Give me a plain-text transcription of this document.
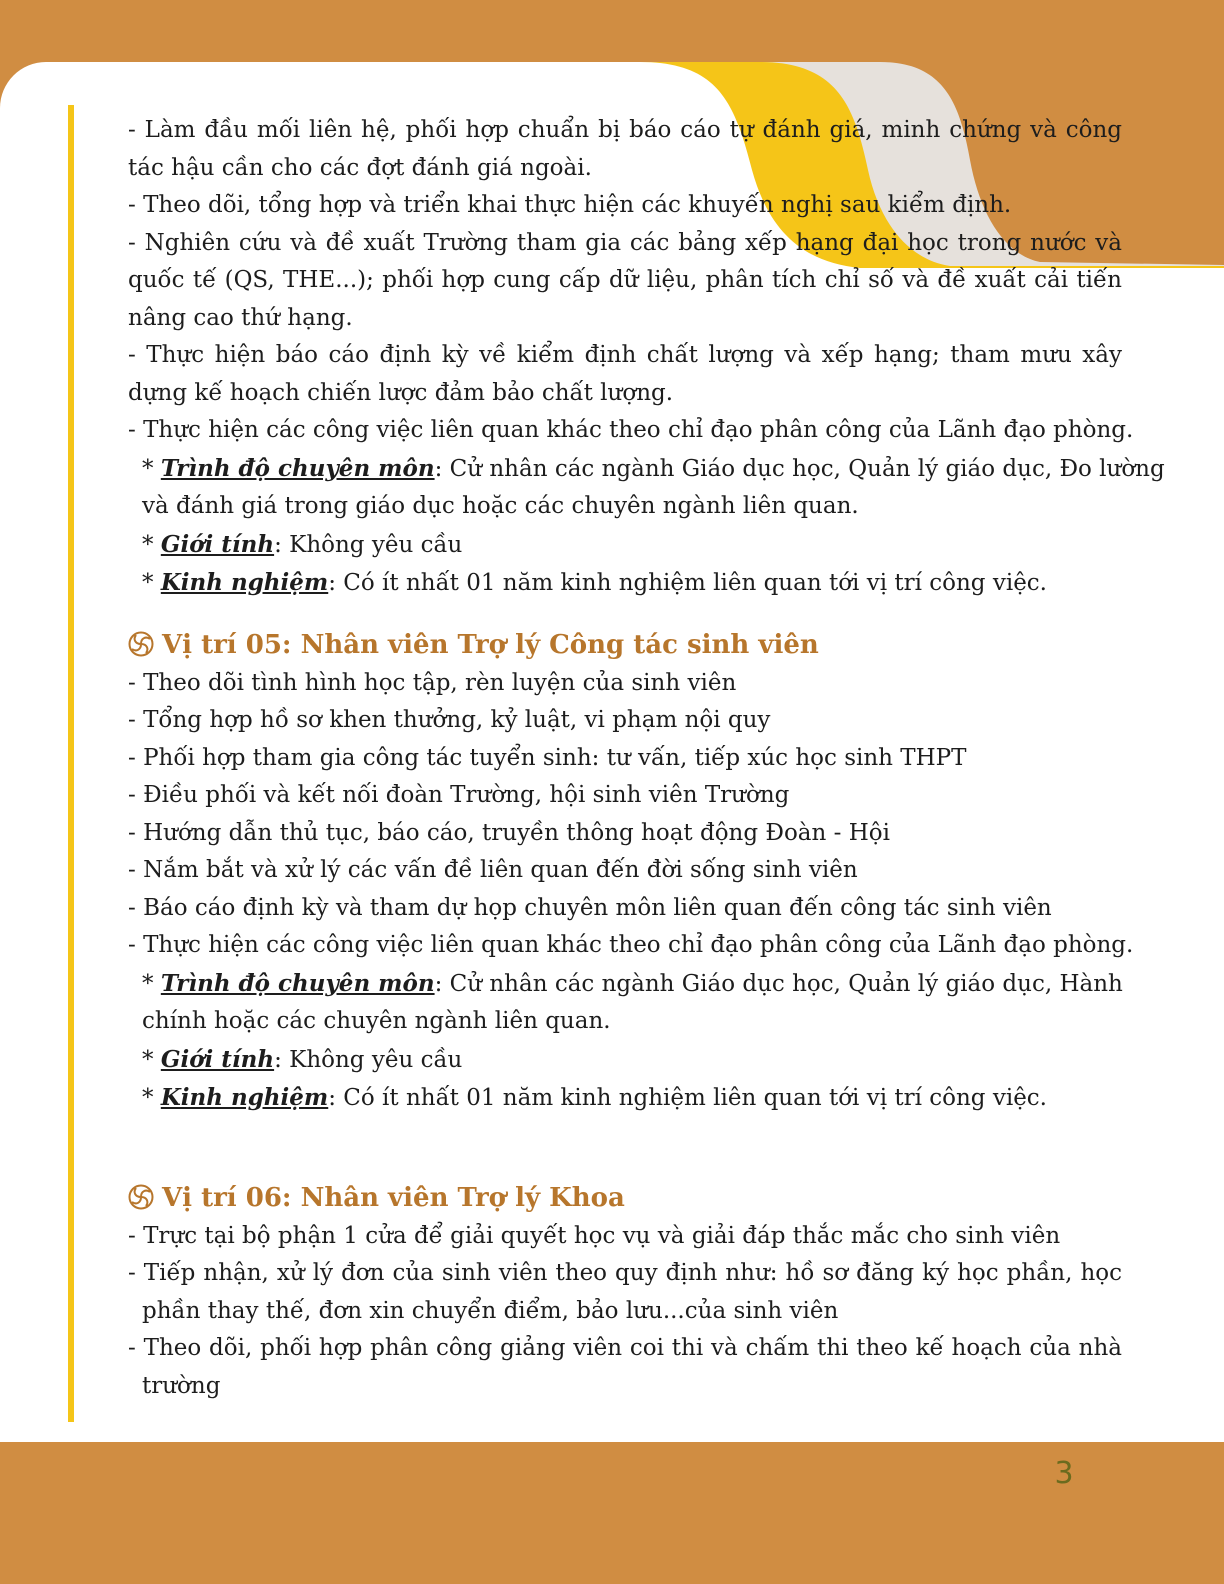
- Làm đầu mối liên hệ, phối hợp chuẩn bị báo cáo tự đánh giá, minh chứng và công
tác hậu cần cho các đợt đánh giá ngoài.
- Theo dõi, tổng hợp và triển khai thực hiện các khuyến nghị sau kiểm định.
- Nghiên cứu và đề xuất Trường tham gia các bảng xếp hạng đại học trong nước và
quốc tế (QS, THE...); phối hợp cung cấp dữ liệu, phân tích chỉ số và đề xuất cải tiến
nâng cao thứ hạng.
- Thực hiện báo cáo định kỳ về kiểm định chất lượng và xếp hạng; tham mưu xây
dựng kế hoạch chiến lược đảm bảo chất lượng.
- Thực hiện các công việc liên quan khác theo chỉ đạo phân công của Lãnh đạo phòng.
* Trình độ chuyên môn: Cử nhân các ngành Giáo dục học, Quản lý giáo dục, Đo lường
và đánh giá trong giáo dục hoặc các chuyên ngành liên quan.
* Giới tính: Không yêu cầu
* Kinh nghiệm: Có ít nhất 01 năm kinh nghiệm liên quan tới vị trí công việc.
Vị trí 05: Nhân viên Trợ lý Công tác sinh viên
- Theo dõi tình hình học tập, rèn luyện của sinh viên
- Tổng hợp hồ sơ khen thưởng, kỷ luật, vi phạm nội quy
- Phối hợp tham gia công tác tuyển sinh: tư vấn, tiếp xúc học sinh THPT
- Điều phối và kết nối đoàn Trường, hội sinh viên Trường
- Hướng dẫn thủ tục, báo cáo, truyền thông hoạt động Đoàn - Hội
- Nắm bắt và xử lý các vấn đề liên quan đến đời sống sinh viên
- Báo cáo định kỳ và tham dự họp chuyên môn liên quan đến công tác sinh viên
- Thực hiện các công việc liên quan khác theo chỉ đạo phân công của Lãnh đạo phòng.
* Trình độ chuyên môn: Cử nhân các ngành Giáo dục học, Quản lý giáo dục, Hành
chính hoặc các chuyên ngành liên quan.
* Giới tính: Không yêu cầu
* Kinh nghiệm: Có ít nhất 01 năm kinh nghiệm liên quan tới vị trí công việc.
Vị trí 06: Nhân viên Trợ lý Khoa
- Trực tại bộ phận 1 cửa để giải quyết học vụ và giải đáp thắc mắc cho sinh viên
- Tiếp nhận, xử lý đơn của sinh viên theo quy định như: hồ sơ đăng ký học phần, học
phần thay thế, đơn xin chuyển điểm, bảo lưu...của sinh viên
- Theo dõi, phối hợp phân công giảng viên coi thi và chấm thi theo kế hoạch của nhà
trường
3
